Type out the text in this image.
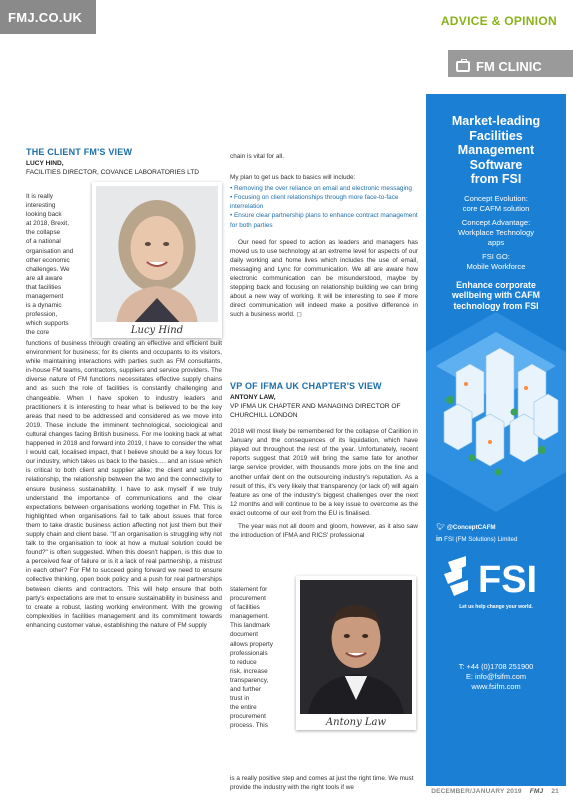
FMJ.CO.UK	ADVICE & OPINION
FM CLINIC
THE CLIENT FM'S VIEW
LUCY HIND,
FACILITIES DIRECTOR, COVANCE LABORATORIES LTD
It is really
interesting
looking back
at 2018, Brexit,
the collapse
of a national
organisation and
other economic
challenges. We
are all aware
that facilities
management
is a dynamic
profession,
which supports
the core	Lucy Hind
functions of business through creating an effective and efficient built environment for business; for its clients and occupants to its visitors, while maintaining interactions with parties such as FM consultants, in-house FM teams, contractors, suppliers and service providers. The diverse nature of FM functions necessitates effective supply chains and as such the role of facilities is constantly challenging and changeable. When I have spoken to industry leaders and practitioners it is interesting to hear what is believed to be the key areas that need to be addressed and considered as we move into 2019. These include the imminent technological, sociological and cultural changes facing British business. For me looking back at what happened in 2018 and forward into 2019, I have to consider the what I would call, localised impact, that I believe should be a key focus for our industry, which takes us back to the basics…. and an issue which is critical to both client and supplier alike; the client and supplier relationship, the relationship between the two and the connectivity to ensure business sustainability. I have to ask myself if we truly understand the importance of communications and the clear expectations between organisations working together in FM. This is highlighted when organisations fail to talk about issues that force them to take drastic business action affecting not just them but their supply chain and client base. "If an organisation is struggling why not talk to the organisation to look at how a mutual solution could be found?" is often suggested. When this doesn't happen, is this due to a perceived fear of failure or is it a lack of real partnership, a mistrust in each other? For FM to succeed going forward we need to ensure collective thinking, open book policy and a push for real partnerships between clients and contractors. This will help ensure that both party's expectations are met to ensure sustainability in business and to create a robust, lasting working environment. With the growing complexities in facilities management and its commitment towards enhancing customer value, establishing the nature of FM supply

chain is vital for all.

My plan to get us back to basics will include:

• Removing the over reliance on email and electronic messaging

• Focusing on client relationships through more face-to-face interrelation

• Ensure clear partnership plans to enhance contract management for both parties

Our need for speed to action as leaders and managers has moved us to use technology at an extreme level for aspects of our daily working and home lives which includes the use of email, messaging and Lync for communication. We all are aware how electronic communication can be misunderstood, maybe by stepping back and focusing on relationship building we can bring about a new way of working. It will be interesting to see if more direct communication will indeed make a positive difference in such a business world. ◻

VP OF IFMA UK CHAPTER'S VIEW
ANTONY LAW,
VP IFMA UK CHAPTER AND MANAGING DIRECTOR OF CHURCHILL LONDON

2018 will most likely be remembered for the collapse of Carillion in January and the consequences of its liquidation, which have played out throughout the rest of the year. Unfortunately, recent reports suggest that 2019 will bring the same fate for another large service provider, with thousands more jobs on the line and another unfair dent on the outsourcing industry's reputation. As a result of this, it's very likely that transparency (or lack of) will again feature as one of the industry's biggest challenges over the next 12 months and will continue to be a key issue to overcome as the exact outcome of our exit from the EU is finalised.

The year was not all doom and gloom, however, as it also saw the introduction of IFMA and RICS' professional

statement for
procurement
of facilities
management.
This landmark
document
allows property
professionals
to reduce
risk, increase
transparency,
and further
trust in
the entire
procurement
process. This	Antony Law
is a really positive step and comes at just the right time. We must provide the industry with the right tools if we
Market-leading
Facilities
Management
Software
from FSI
Concept Evolution:
core CAFM solution
Concept Advantage:
Workplace Technology
apps
FSI GO:
Mobile Workforce
Enhance corporate
wellbeing with CAFM
technology from FSI
🐦︎ @ConceptCAFM
in FSI (FM Solutions) Limited
FSI
Let us help change your world.
T: +44 (0)1708 251900
E: info@fsifm.com
www.fsifm.com
DECEMBER/JANUARY 2019 FMJ 21
